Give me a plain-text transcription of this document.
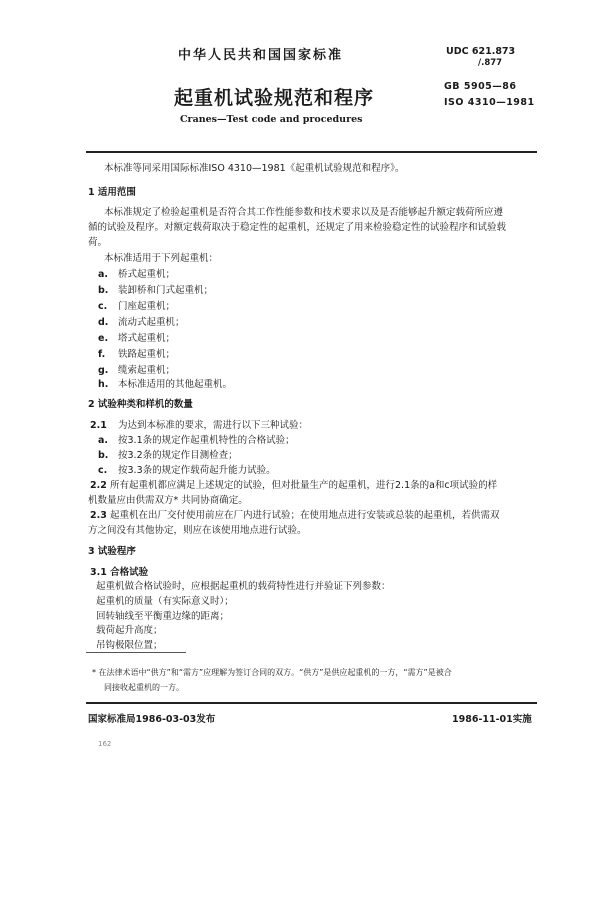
中华人民共和国国家标准	UDC 621.873
/.877
GB 5905—86
ISO 4310—1981
起重机试验规范和程序
Cranes—Test code and procedures
本标准等同采用国际标准ISO 4310—1981《起重机试验规范和程序》。
1 适用范围
本标准规定了检验起重机是否符合其工作性能参数和技术要求以及是否能够起升额定载荷所应遵
循的试验及程序。对额定载荷取决于稳定性的起重机，还规定了用来检验稳定性的试验程序和试验载
荷。
本标准适用于下列起重机：
a. 桥式起重机；
b. 装卸桥和门式起重机；
c. 门座起重机；
d. 流动式起重机；
e. 塔式起重机；
f. 铁路起重机；
g. 缆索起重机；
h. 本标准适用的其他起重机。
2 试验种类和样机的数量
2.1 为达到本标准的要求，需进行以下三种试验：
a. 按3.1条的规定作起重机特性的合格试验；
b. 按3.2条的规定作目测检查；
c. 按3.3条的规定作载荷起升能力试验。
2.2 所有起重机都应满足上述规定的试验，但对批量生产的起重机，进行2.1条的a和c项试验的样
机数量应由供需双方* 共同协商确定。
2.3 起重机在出厂交付使用前应在厂内进行试验；在使用地点进行安装或总装的起重机，若供需双
方之间没有其他协定，则应在该使用地点进行试验。
3 试验程序
3.1 合格试验
起重机做合格试验时，应根据起重机的载荷特性进行并验证下列参数：
起重机的质量（有实际意义时）；
回转轴线至平衡重边缘的距离；
载荷起升高度；
吊钩极限位置；
* 在法律术语中“供方”和“需方”应理解为签订合同的双方。“供方”是供应起重机的一方，“需方”是被合
同接收起重机的一方。
国家标准局1986-03-03发布	1986-11-01实施
162
